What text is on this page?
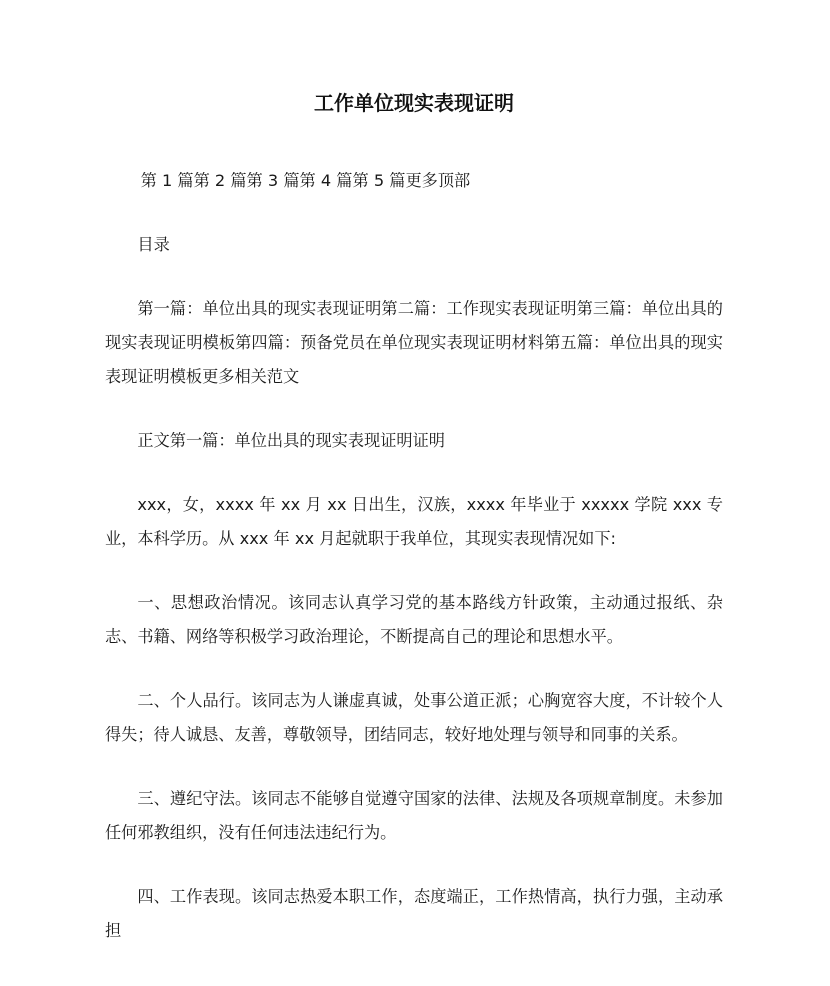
工作单位现实表现证明

第 1 篇第 2 篇第 3 篇第 4 篇第 5 篇更多顶部

目录

第一篇：单位出具的现实表现证明第二篇：工作现实表现证明第三篇：单位出具的现实表现证明模板第四篇：预备党员在单位现实表现证明材料第五篇：单位出具的现实表现证明模板更多相关范文

正文第一篇：单位出具的现实表现证明证明

xxx，女，xxxx 年 xx 月 xx 日出生，汉族，xxxx 年毕业于 xxxxx 学院 xxx 专业，本科学历。从 xxx 年 xx 月起就职于我单位，其现实表现情况如下:

一、思想政治情况。该同志认真学习党的基本路线方针政策，主动通过报纸、杂志、书籍、网络等积极学习政治理论，不断提高自己的理论和思想水平。

二、个人品行。该同志为人谦虚真诚，处事公道正派；心胸宽容大度，不计较个人得失；待人诚恳、友善，尊敬领导，团结同志，较好地处理与领导和同事的关系。

三、遵纪守法。该同志不能够自觉遵守国家的法律、法规及各项规章制度。未参加任何邪教组织，没有任何违法违纪行为。

四、工作表现。该同志热爱本职工作，态度端正，工作热情高，执行力强，主动承担
